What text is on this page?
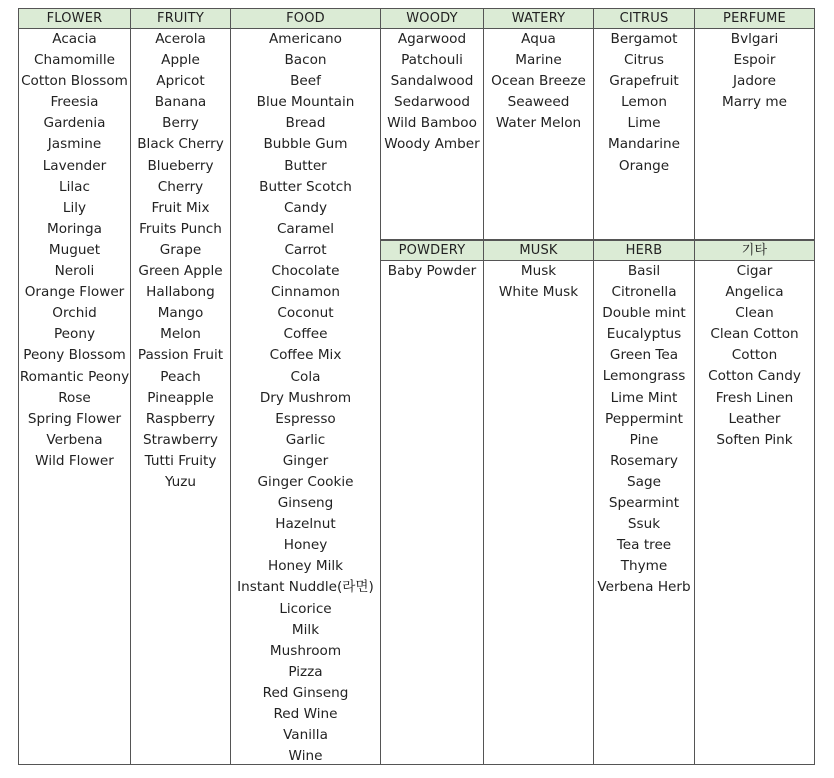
FLOWER
Acacia
Chamomille
Cotton Blossom
Freesia
Gardenia
Jasmine
Lavender
Lilac
Lily
Moringa
Muguet
Neroli
Orange Flower
Orchid
Peony
Peony Blossom
Romantic Peony
Rose
Spring Flower
Verbena
Wild Flower
FRUITY
Acerola
Apple
Apricot
Banana
Berry
Black Cherry
Blueberry
Cherry
Fruit Mix
Fruits Punch
Grape
Green Apple
Hallabong
Mango
Melon
Passion Fruit
Peach
Pineapple
Raspberry
Strawberry
Tutti Fruity
Yuzu
FOOD
Americano
Bacon
Beef
Blue Mountain
Bread
Bubble Gum
Butter
Butter Scotch
Candy
Caramel
Carrot
Chocolate
Cinnamon
Coconut
Coffee
Coffee Mix
Cola
Dry Mushrom
Espresso
Garlic
Ginger
Ginger Cookie
Ginseng
Hazelnut
Honey
Honey Milk
Instant Nuddle(라면)
Licorice
Milk
Mushroom
Pizza
Red Ginseng
Red Wine
Vanilla
Wine
WOODY
Agarwood
Patchouli
Sandalwood
Sedarwood
Wild Bamboo
Woody Amber
WATERY
Aqua
Marine
Ocean Breeze
Seaweed
Water Melon
CITRUS
Bergamot
Citrus
Grapefruit
Lemon
Lime
Mandarine
Orange
PERFUME
Bvlgari
Espoir
Jadore
Marry me
POWDERY
Baby Powder
MUSK
Musk
White Musk
HERB
Basil
Citronella
Double mint
Eucalyptus
Green Tea
Lemongrass
Lime Mint
Peppermint
Pine
Rosemary
Sage
Spearmint
Ssuk
Tea tree
Thyme
Verbena Herb
기타
Cigar
Angelica
Clean
Clean Cotton
Cotton
Cotton Candy
Fresh Linen
Leather
Soften Pink
